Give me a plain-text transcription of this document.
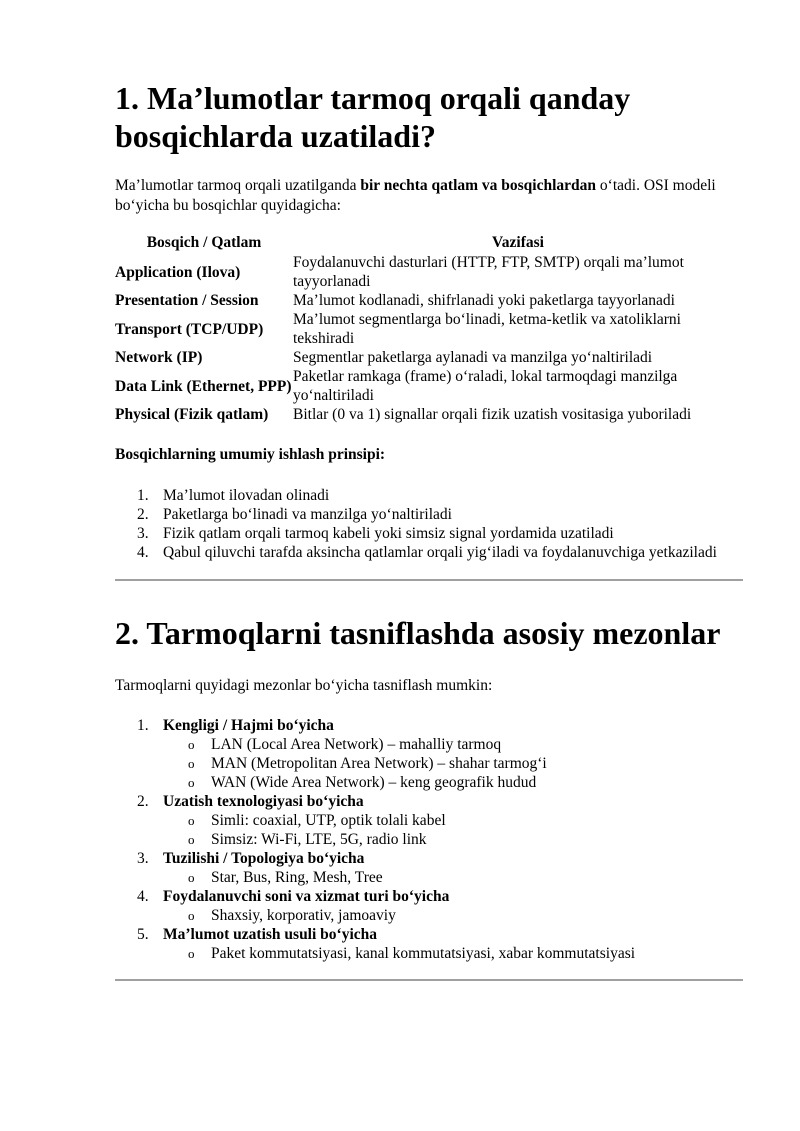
1. Ma’lumotlar tarmoq orqali qanday
bosqichlarda uzatiladi?

Ma’lumotlar tarmoq orqali uzatilganda bir nechta qatlam va bosqichlardan o‘tadi. OSI modeli
bo‘yicha bu bosqichlar quyidagicha:

Bosqich / Qatlam	Vazifasi
Application (Ilova)	Foydalanuvchi dasturlari (HTTP, FTP, SMTP) orqali ma’lumot tayyorlanadi
Presentation / Session	Ma’lumot kodlanadi, shifrlanadi yoki paketlarga tayyorlanadi
Transport (TCP/UDP)	Ma’lumot segmentlarga bo‘linadi, ketma-ketlik va xatoliklarni tekshiradi
Network (IP)	Segmentlar paketlarga aylanadi va manzilga yo‘naltiriladi
Data Link (Ethernet, PPP)	Paketlar ramkaga (frame) o‘raladi, lokal tarmoqdagi manzilga yo‘naltiriladi
Physical (Fizik qatlam)	Bitlar (0 va 1) signallar orqali fizik uzatish vositasiga yuboriladi

Bosqichlarning umumiy ishlash prinsipi:

1. Ma’lumot ilovadan olinadi
2. Paketlarga bo‘linadi va manzilga yo‘naltiriladi
3. Fizik qatlam orqali tarmoq kabeli yoki simsiz signal yordamida uzatiladi
4. Qabul qiluvchi tarafda aksincha qatlamlar orqali yig‘iladi va foydalanuvchiga yetkaziladi
2. Tarmoqlarni tasniflashda asosiy mezonlar

Tarmoqlarni quyidagi mezonlar bo‘yicha tasniflash mumkin:

1. Kengligi / Hajmi bo‘yicha
o LAN (Local Area Network) – mahalliy tarmoq
o MAN (Metropolitan Area Network) – shahar tarmog‘i
o WAN (Wide Area Network) – keng geografik hudud
2. Uzatish texnologiyasi bo‘yicha
o Simli: coaxial, UTP, optik tolali kabel
o Simsiz: Wi-Fi, LTE, 5G, radio link
3. Tuzilishi / Topologiya bo‘yicha
o Star, Bus, Ring, Mesh, Tree
4. Foydalanuvchi soni va xizmat turi bo‘yicha
o Shaxsiy, korporativ, jamoaviy
5. Ma’lumot uzatish usuli bo‘yicha
o Paket kommutatsiyasi, kanal kommutatsiyasi, xabar kommutatsiyasi
